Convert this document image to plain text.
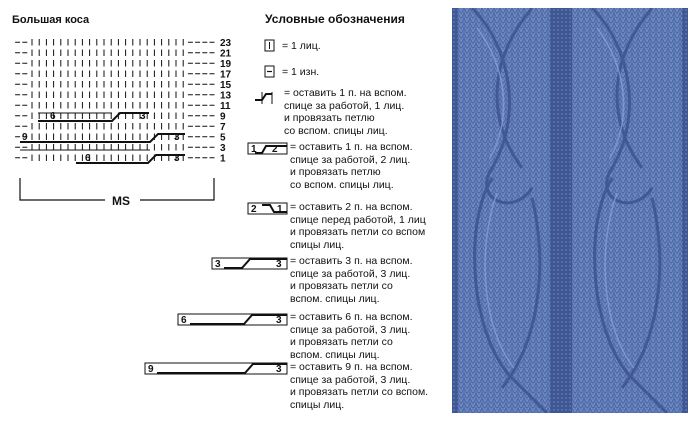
Большая коса	Условные обозначения
6	3
9	3
6	3
23
21
19
17
15
13
11
9
7
5
3
1
MS
1 2
2 1
3	3
6	3
9	3
= 1 лиц.
= 1 изн.
= оставить 1 п. на вспом.
спице за работой, 1 лиц.
и провязать петлю
со вспом. спицы лиц.
= оставить 1 п. на вспом.
спице за работой, 2 лиц.
и провязать петлю
со вспом. спицы лиц.
= оставить 2 п. на вспом.
спице перед работой, 1 лиц
и провязать петли со вспом
спицы лиц.
= оставить 3 п. на вспом.
спице за работой, 3 лиц.
и провязать петли со
вспом. спицы лиц.
= оставить 6 п. на вспом.
спице за работой, 3 лиц.
и провязать петли со
вспом. спицы лиц.
= оставить 9 п. на вспом.
спице за работой, 3 лиц.
и провязать петли со вспом.
спицы лиц.
